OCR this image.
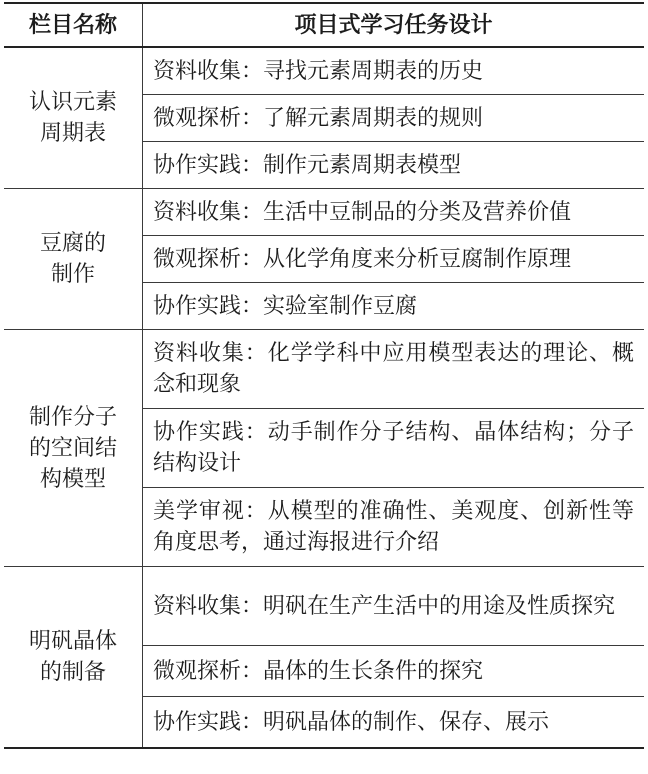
栏目名称	项目式学习任务设计

认识元素周期表	资料收集：寻找元素周期表的历史
	微观探析：了解元素周期表的规则
	协作实践：制作元素周期表模型

豆腐的制作	资料收集：生活中豆制品的分类及营养价值
	微观探析：从化学角度来分析豆腐制作原理
	协作实践：实验室制作豆腐

制作分子的空间结构模型	资料收集：化学学科中应用模型表达的理论、概念和现象
	协作实践：动手制作分子结构、晶体结构；分子结构设计
	美学审视：从模型的准确性、美观度、创新性等角度思考，通过海报进行介绍

明矾晶体的制备	资料收集：明矾在生产生活中的用途及性质探究
	微观探析：晶体的生长条件的探究
	协作实践：明矾晶体的制作、保存、展示
